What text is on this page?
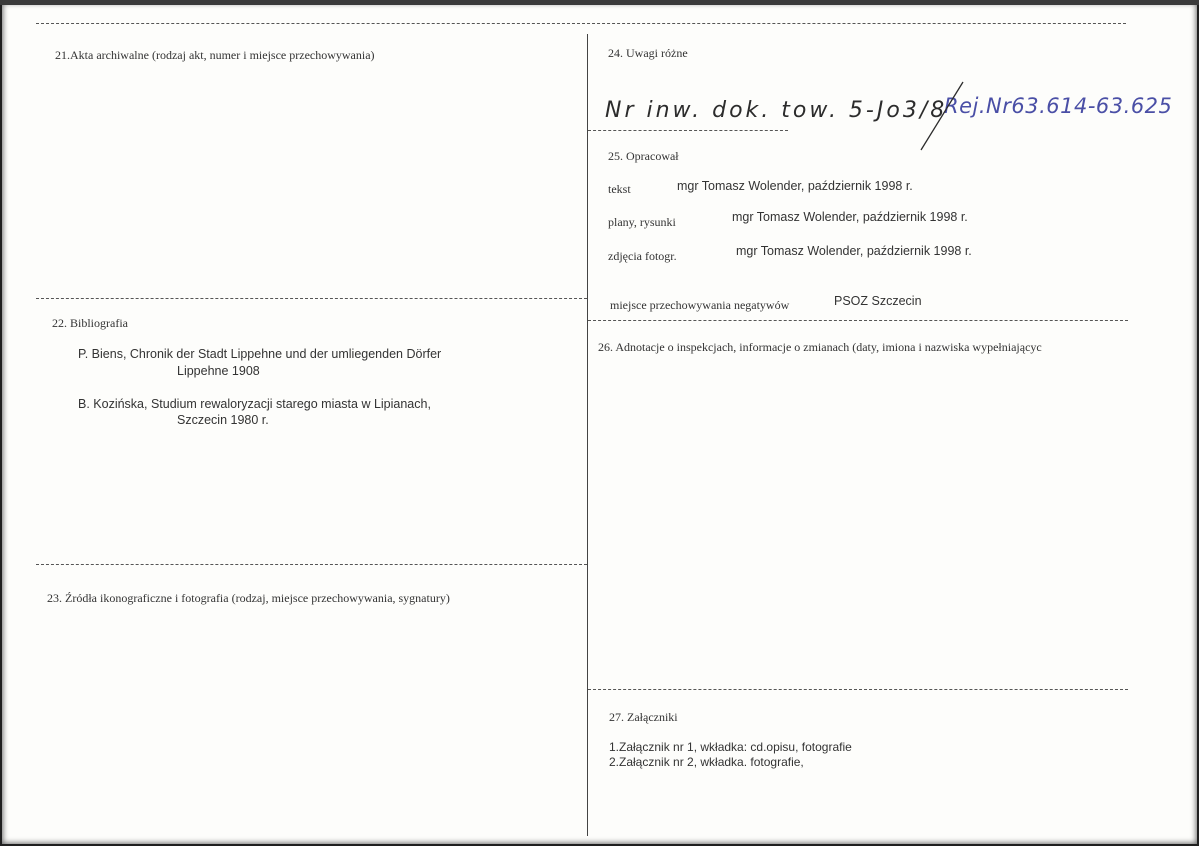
21.Akta archiwalne (rodzaj akt, numer i miejsce przechowywania)
22. Bibliografia
P. Biens, Chronik der Stadt Lippehne und der umliegenden Dörfer
Lippehne 1908
B. Kozińska, Studium rewaloryzacji starego miasta w Lipianach,
Szczecin 1980 r.
23. Źródła ikonograficzne i fotografia (rodzaj, miejsce przechowywania, sygnatury)
24. Uwagi różne
Nr inw. dok. tow. 5-Jo3/8
Rej.Nr63.614-63.625
25. Opracował
tekst	mgr Tomasz Wolender, październik 1998 r.
plany, rysunki	mgr Tomasz Wolender, październik 1998 r.
zdjęcia fotogr.	mgr Tomasz Wolender, październik 1998 r.
miejsce przechowywania negatywów	PSOZ Szczecin
26. Adnotacje o inspekcjach, informacje o zmianach (daty, imiona i nazwiska wypełniającyc
27. Załączniki
1.Załącznik nr 1, wkładka: cd.opisu, fotografie
2.Załącznik nr 2, wkładka. fotografie,
